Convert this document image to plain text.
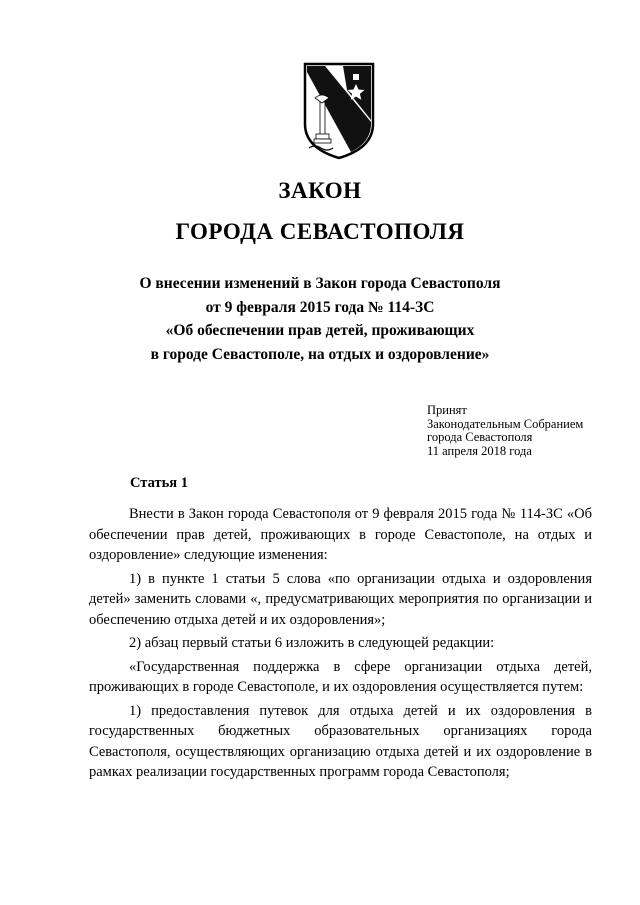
ЗАКОН
ГОРОДА СЕВАСТОПОЛЯ
О внесении изменений в Закон города Севастополя
от 9 февраля 2015 года № 114-ЗС
«Об обеспечении прав детей, проживающих
в городе Севастополе, на отдых и оздоровление»
Принят
Законодательным Собранием
города Севастополя
11 апреля 2018 года
Статья 1

Внести в Закон города Севастополя от 9 февраля 2015 года № 114-ЗС «Об обеспечении прав детей, проживающих в городе Севастополе, на отдых и оздоровление» следующие изменения:

1) в пункте 1 статьи 5 слова «по организации отдыха и оздоровления детей» заменить словами «, предусматривающих мероприятия по организации и обеспечению отдыха детей и их оздоровления»;

2) абзац первый статьи 6 изложить в следующей редакции:

«Государственная поддержка в сфере организации отдыха детей, проживающих в городе Севастополе, и их оздоровления осуществляется путем:

1) предоставления путевок для отдыха детей и их оздоровления в государственных бюджетных образовательных организациях города Севастополя, осуществляющих организацию отдыха детей и их оздоровление в рамках реализации государственных программ города Севастополя;
